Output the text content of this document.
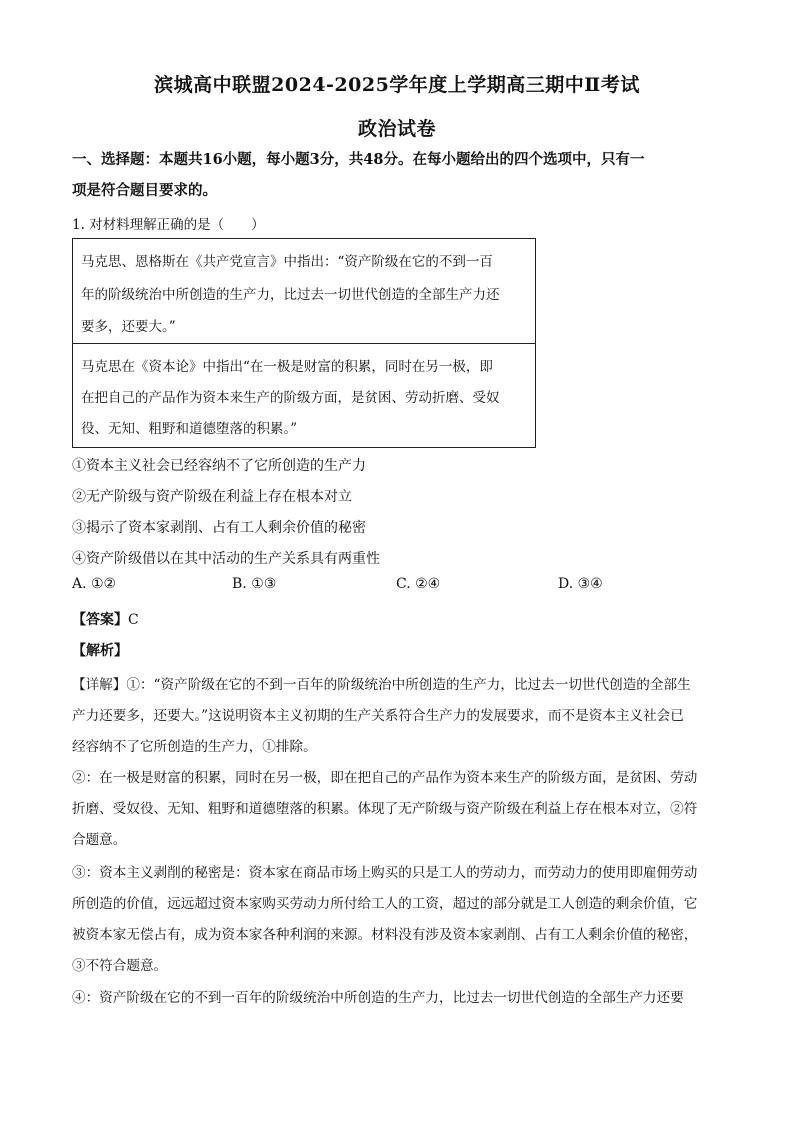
滨城高中联盟2024-2025学年度上学期高三期中Ⅱ考试
政治试卷
一、选择题：本题共16小题，每小题3分，共48分。在每小题给出的四个选项中，只有一
项是符合题目要求的。
1. 对材料理解正确的是（　　）
马克思、恩格斯在《共产党宣言》中指出：“资产阶级在它的不到一百
年的阶级统治中所创造的生产力，比过去一切世代创造的全部生产力还
要多，还要大。”
马克思在《资本论》中指出“在一极是财富的积累，同时在另一极，即
在把自己的产品作为资本来生产的阶级方面，是贫困、劳动折磨、受奴
役、无知、粗野和道德堕落的积累。”
①资本主义社会已经容纳不了它所创造的生产力
②无产阶级与资产阶级在利益上存在根本对立
③揭示了资本家剥削、占有工人剩余价值的秘密
④资产阶级借以在其中活动的生产关系具有两重性
A. ①②	B. ①③	C. ②④	D. ③④
【答案】C
【解析】
【详解】①：“资产阶级在它的不到一百年的阶级统治中所创造的生产力，比过去一切世代创造的全部生
产力还要多，还要大。”这说明资本主义初期的生产关系符合生产力的发展要求，而不是资本主义社会已
经容纳不了它所创造的生产力，①排除。
②：在一极是财富的积累，同时在另一极，即在把自己的产品作为资本来生产的阶级方面，是贫困、劳动
折磨、受奴役、无知、粗野和道德堕落的积累。体现了无产阶级与资产阶级在利益上存在根本对立，②符
合题意。
③：资本主义剥削的秘密是：资本家在商品市场上购买的只是工人的劳动力，而劳动力的使用即雇佣劳动
所创造的价值，远远超过资本家购买劳动力所付给工人的工资，超过的部分就是工人创造的剩余价值，它
被资本家无偿占有，成为资本家各种利润的来源。材料没有涉及资本家剥削、占有工人剩余价值的秘密，
③不符合题意。
④：资产阶级在它的不到一百年的阶级统治中所创造的生产力，比过去一切世代创造的全部生产力还要
